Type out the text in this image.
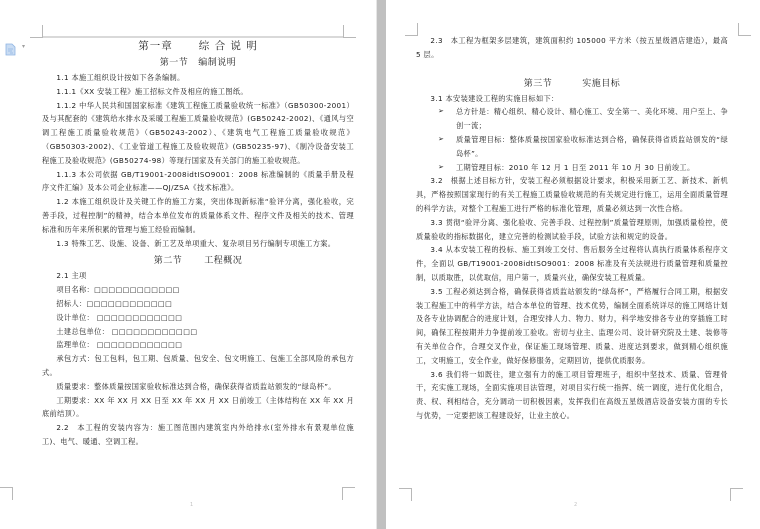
第一章 综 合 说 明

第一节 编制说明

1.1 本施工组织设计按如下各条编制。

1.1.1《XX 安装工程》施工招标文件及相应的施工图纸。

1.1.2 中华人民共和国国家标准《建筑工程施工质量验收统一标准》（GB50300-2001）及与其配套的《建筑给水排水及采暖工程施工质量验收规范》(GB50242-2002)、《通风与空调工程施工质量验收规范》（GB50243-2002）、《建筑电气工程施工质量验收规范》（GB50303-2002)、《工业管道工程施工及验收规范》(GB50235-97)、《制冷设备安装工程施工及验收规范》(GB50274-98）等现行国家及有关部门的施工验收规范。

1.1.3 本公司依据 GB/T19001-2008idtISO9001：2008 标准编制的《质量手册及程序文件汇编》及本公司企业标准——QJ/ZSA《技术标准》。

1.2 本施工组织设计及关键工作的施工方案，突出体现新标准“验评分离，强化验收，完善手段，过程控制”的精神，结合本单位发布的质量体系文件、程序文件及相关的技术、管理标准和历年来所积累的管理与施工经验而编制。

1.3 特殊工艺、设施、设备、新工艺及单项重大、复杂项目另行编制专项施工方案。

第二节 工程概况

2.1 主项

项目名称：□□□□□□□□□□□□

招标人：□□□□□□□□□□□□

设计单位： □□□□□□□□□□□□

土建总包单位： □□□□□□□□□□□□

监理单位： □□□□□□□□□□□□

承包方式：包工包料，包工期、包质量、包安全、包文明施工、包施工全部风险的承包方式。

质量要求：整体质量按国家验收标准达到合格，确保获得省质监站颁发的“绿岛杯”。

工期要求：XX 年 XX 月 XX 日至 XX 年 XX 月 XX 日前竣工（主体结构在 XX 年 XX 月底前结顶）。

2.2　本工程的安装内容为：施工图范围内建筑室内外给排水(室外排水有景观单位施工)、电气、暖通、空调工程。

1
▾

2.3　本工程为框架多层建筑，建筑面积约 105000 平方米（按五星级酒店建造），最高 5 层。

第三节	实施目标

3.1 本安装建设工程的实施目标如下：

➢	总方针是：精心组织、精心设计、精心施工、安全第一、美化环境、用户至上、争创一流；
➢	质量管理目标：整体质量按国家验收标准达到合格，确保获得省质监站颁发的“绿岛杯”。
➢	工期管理目标：2010 年 12 月 1 日至 2011 年 10 月 30 日前竣工。

3.2　根据上述目标方针，安装工程必须根据设计要求，积极采用新工艺、新技术、新机具，严格按照国家现行的有关工程施工质量验收规范的有关规定进行施工，运用全面质量管理的科学方法，对整个工程施工进行严格的标准化管理，质量必须达到一次性合格。

3.3 贯彻“验评分离、强化验收、完善手段、过程控制”质量管理原则，加强质量检控，使质量验收的指标数据化，建立完善的检测试验手段，试验方法和规定的设备。

3.4 从本安装工程的投标、施工到竣工交付、售后服务全过程将认真执行质量体系程序文件，全面以 GB/T19001-2008idtISO9001：2008 标准及有关法规进行质量管理和质量控制，以质取胜，以优取信，用户第一，质量兴业，确保安装工程质量。

3.5 工程必须达到合格，确保获得省质监站颁发的“绿岛杯”，严格履行合同工期，根据安装工程施工中的科学方法，结合本单位的管理、技术优势，编制全面系统详尽的施工网络计划及各专业协调配合的进度计划，合理安排人力、物力、财力，科学地安排各专业的穿插施工时间，确保工程按期并力争提前竣工验收。密切与业主、监理公司、设计研究院及土建、装修等有关单位合作，合理交叉作业，保证施工现场管理、质量、进度达到要求，做到精心组织施工，文明施工，安全作业，做好保修服务，定期回访，提供优质服务。

3.6 我们将一如既往，建立强有力的施工项目管理班子，组织中坚技术、质量、管理骨干，充实施工现场，全面实施项目法管理，对项目实行统一指挥、统一调度，进行优化组合，责、权、利相结合，充分调动一切积极因素，发挥我们在高级五星级酒店设备安装方面的专长与优势，一定要把该工程建设好，让业主放心。

2
